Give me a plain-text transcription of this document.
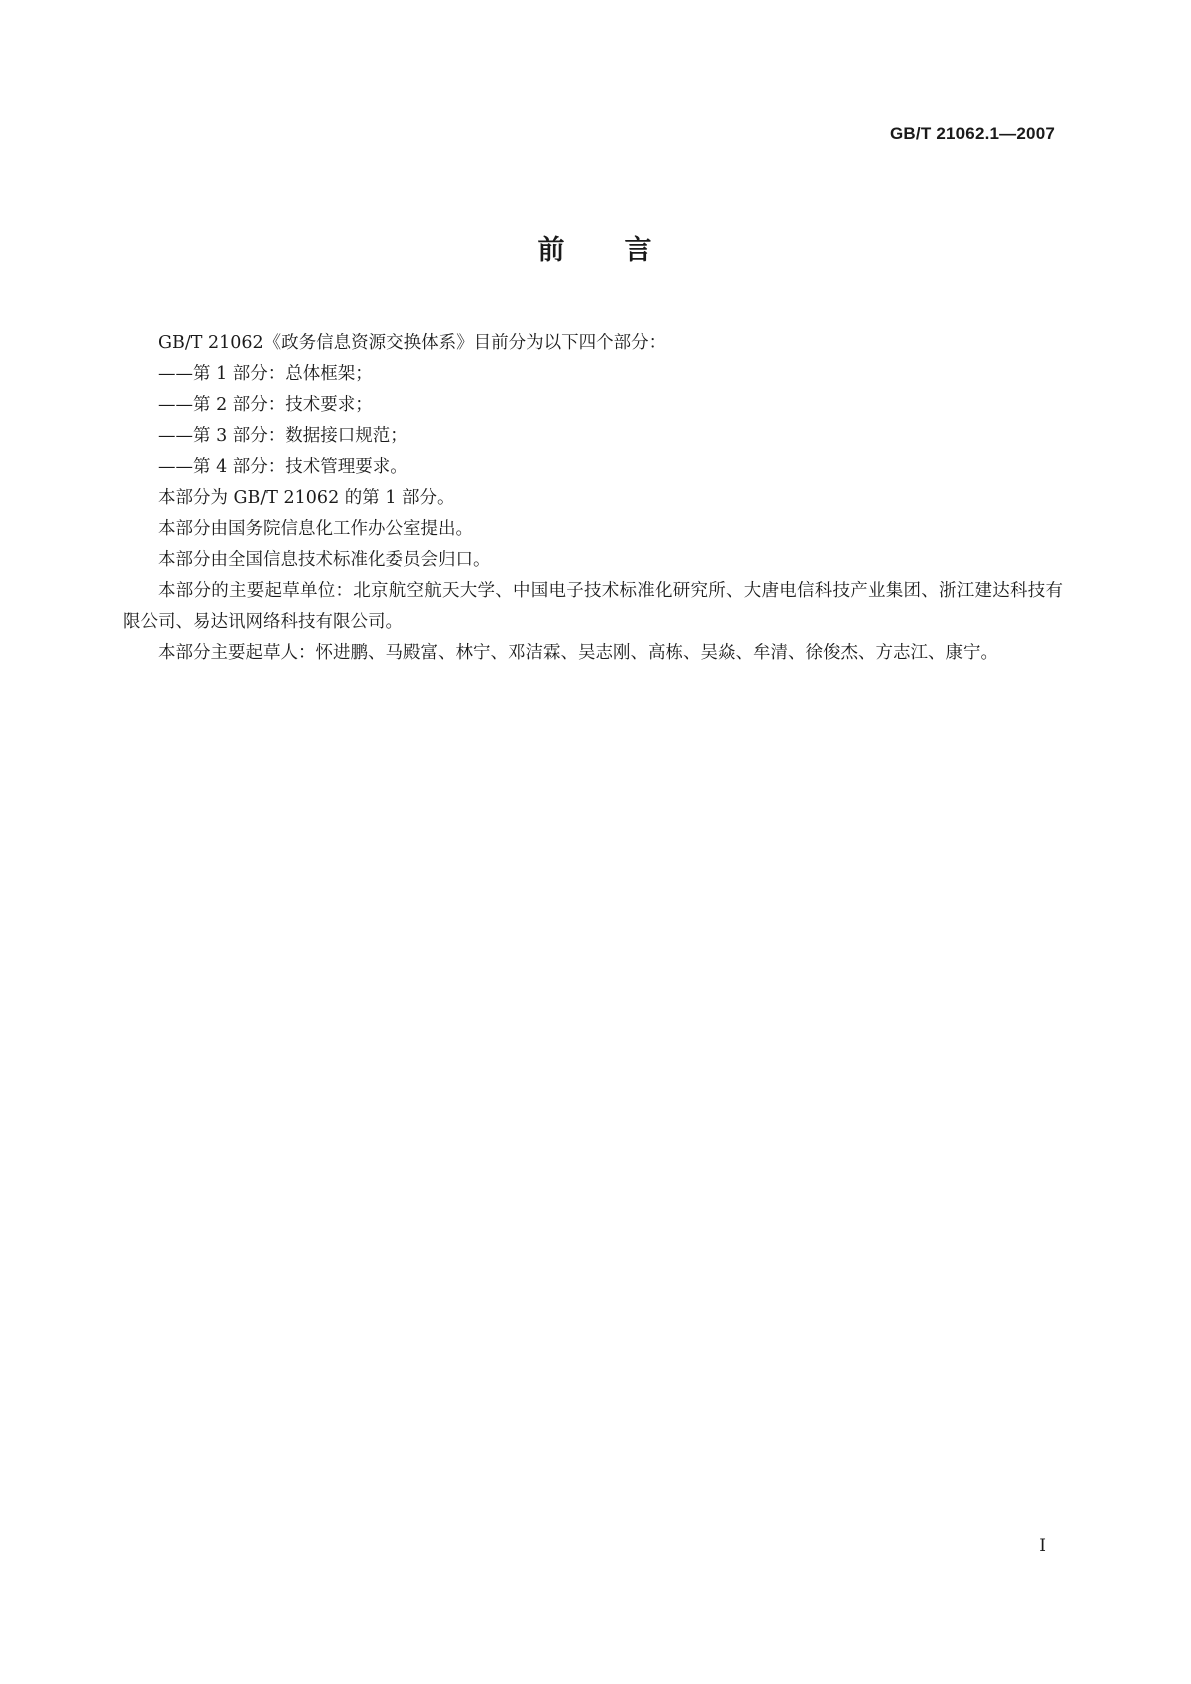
GB/T 21062.1—2007
前 言

GB/T 21062《政务信息资源交换体系》目前分为以下四个部分：

——第 1 部分：总体框架；

——第 2 部分：技术要求；

——第 3 部分：数据接口规范；

——第 4 部分：技术管理要求。

本部分为 GB/T 21062 的第 1 部分。

本部分由国务院信息化工作办公室提出。

本部分由全国信息技术标准化委员会归口。

本部分的主要起草单位：北京航空航天大学、中国电子技术标准化研究所、大唐电信科技产业集团、浙江建达科技有限公司、易达讯网络科技有限公司。

本部分主要起草人：怀进鹏、马殿富、林宁、邓洁霖、吴志刚、高栋、吴焱、牟清、徐俊杰、方志江、康宁。

I
